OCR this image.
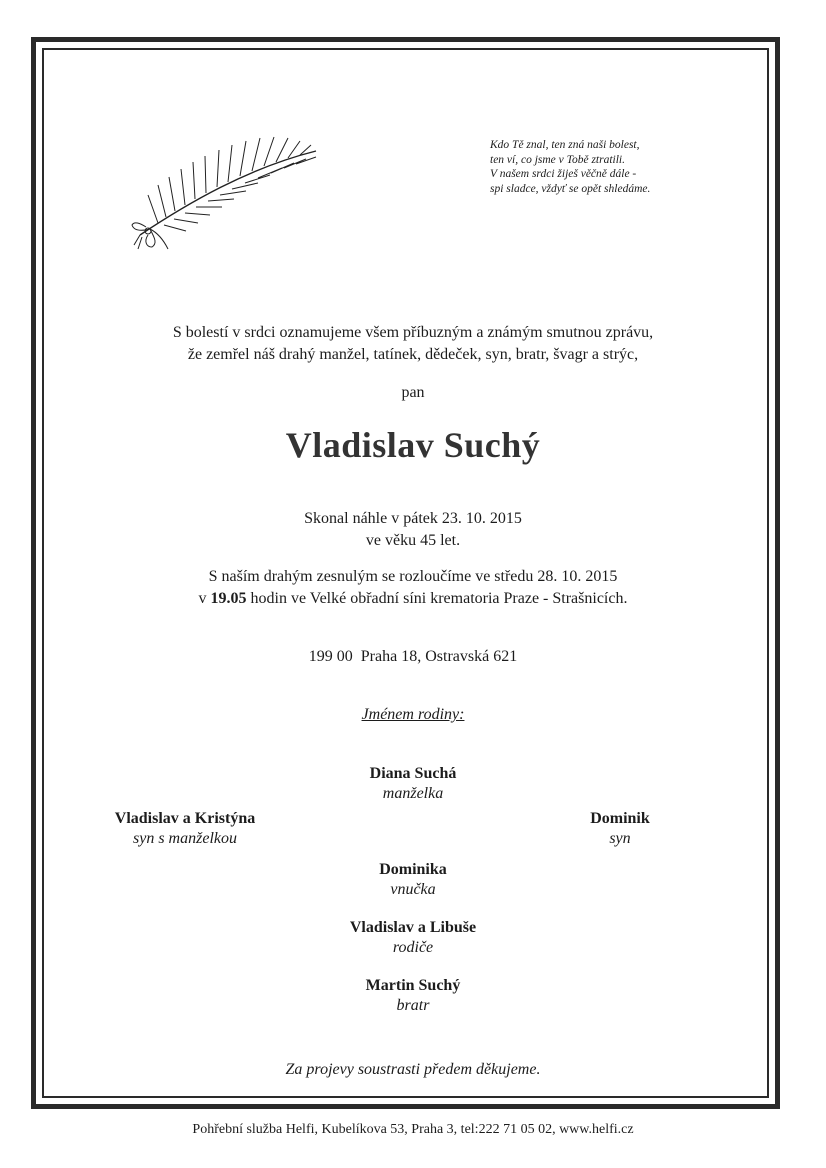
Kdo Tě znal, ten zná naši bolest,
ten ví, co jsme v Tobě ztratili.
V našem srdci žiješ věčně dále -
spi sladce, vždyť se opět shledáme.
S bolestí v srdci oznamujeme všem příbuzným a známým smutnou zprávu,
že zemřel náš drahý manžel, tatínek, dědeček, syn, bratr, švagr a strýc,
pan
Vladislav Suchý
Skonal náhle v pátek 23. 10. 2015
ve věku 45 let.
S naším drahým zesnulým se rozloučíme ve středu 28. 10. 2015
v 19.05 hodin ve Velké obřadní síni krematoria Praze - Strašnicích.
199 00  Praha 18, Ostravská 621
Jménem rodiny:
Diana Suchá
manželka
Vladislav a Kristýna
syn s manželkou
Dominik
syn
Dominika
vnučka
Vladislav a Libuše
rodiče
Martin Suchý
bratr
Za projevy soustrasti předem děkujeme.
Pohřební služba Helfi, Kubelíkova 53, Praha 3, tel:222 71 05 02, www.helfi.cz
